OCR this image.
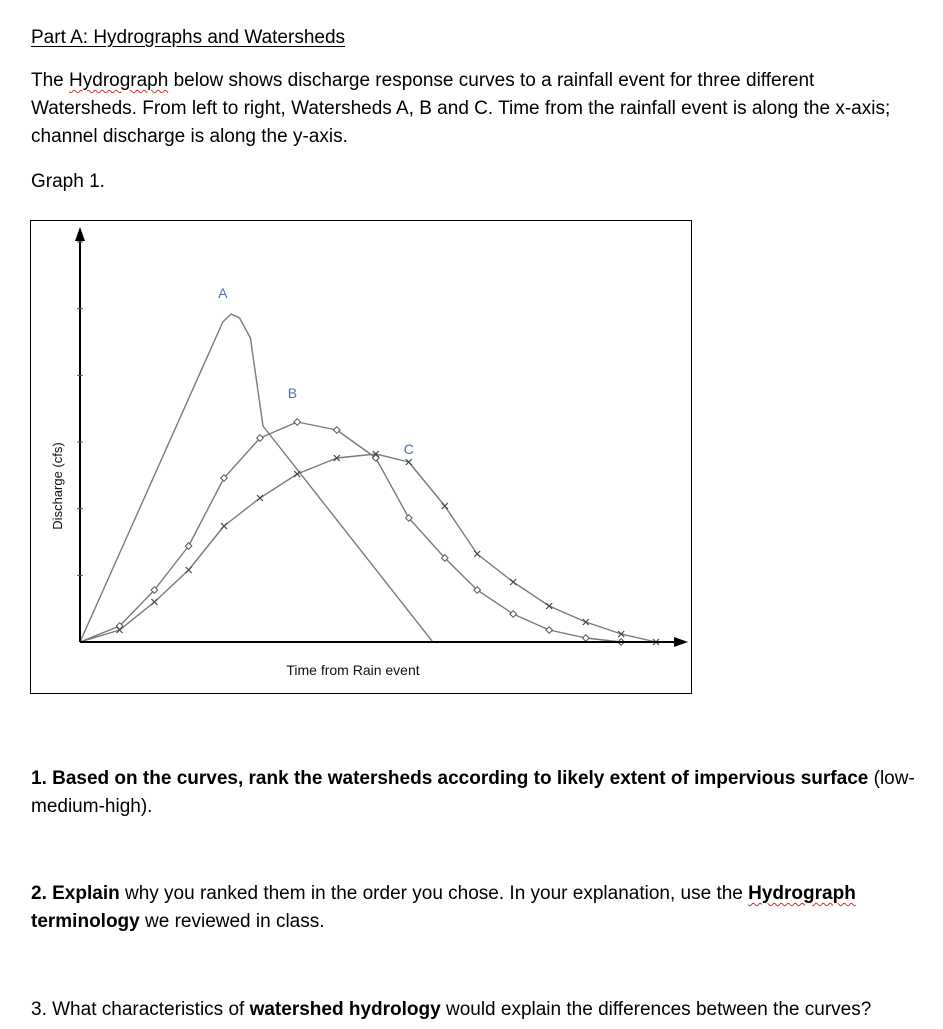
Part A: Hydrographs and Watersheds

The Hydrograph below shows discharge response curves to a rainfall event for three different
Watersheds. From left to right, Watersheds A, B and C. Time from the rainfall event is along the x-axis;
channel discharge is along the y-axis.

Graph 1.

Time from Rain event
Discharge (cfs)
A
B
C
1. Based on the curves, rank the watersheds according to likely extent of impervious surface (low-
medium-high).
2. Explain why you ranked them in the order you chose. In your explanation, use the Hydrograph
terminology we reviewed in class.

3. What characteristics of watershed hydrology would explain the differences between the curves?
